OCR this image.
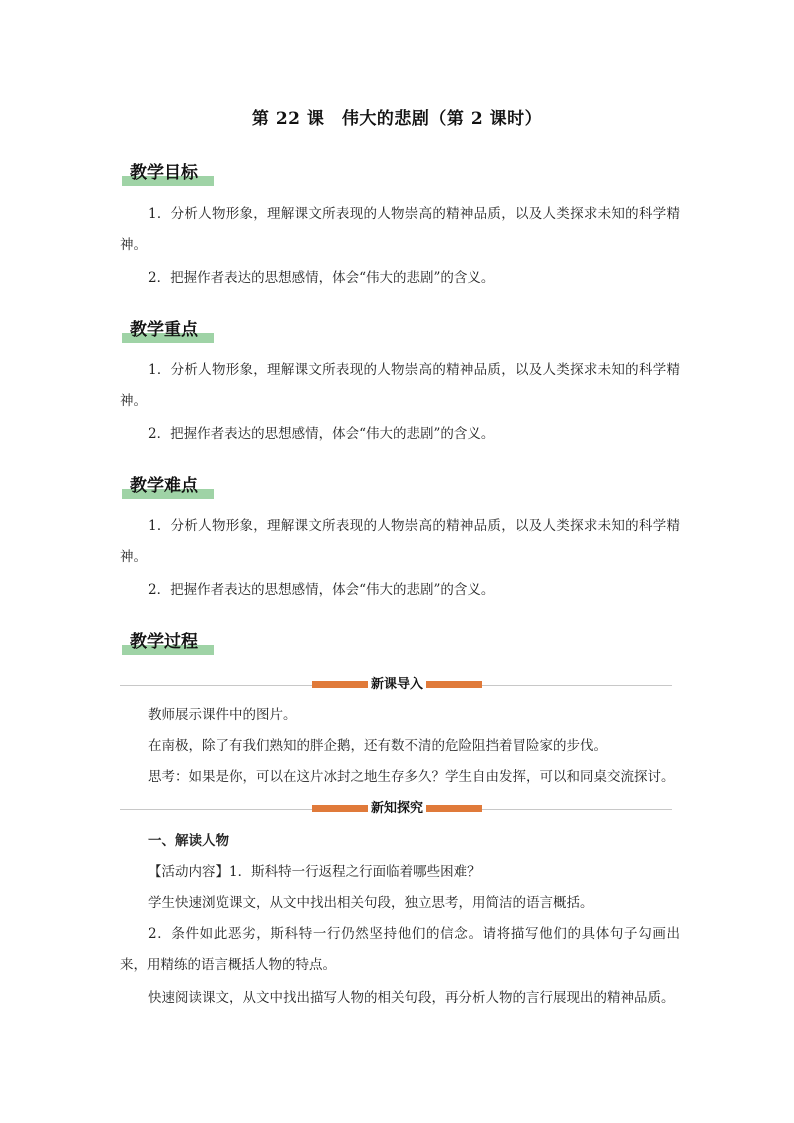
第 22 课　伟大的悲剧（第 2 课时）
教学目标
1．分析人物形象，理解课文所表现的人物崇高的精神品质，以及人类探求未知的科学精神。
2．把握作者表达的思想感情，体会“伟大的悲剧”的含义。
教学重点
1．分析人物形象，理解课文所表现的人物崇高的精神品质，以及人类探求未知的科学精神。
2．把握作者表达的思想感情，体会“伟大的悲剧”的含义。
教学难点
1．分析人物形象，理解课文所表现的人物崇高的精神品质，以及人类探求未知的科学精神。
2．把握作者表达的思想感情，体会“伟大的悲剧”的含义。
教学过程
新课导入
教师展示课件中的图片。
在南极，除了有我们熟知的胖企鹅，还有数不清的危险阻挡着冒险家的步伐。
思考：如果是你，可以在这片冰封之地生存多久？学生自由发挥，可以和同桌交流探讨。
新知探究
一、解读人物
【活动内容】1．斯科特一行返程之行面临着哪些困难？
学生快速浏览课文，从文中找出相关句段，独立思考，用简洁的语言概括。
2．条件如此恶劣，斯科特一行仍然坚持他们的信念。请将描写他们的具体句子勾画出来，用精练的语言概括人物的特点。
快速阅读课文，从文中找出描写人物的相关句段，再分析人物的言行展现出的精神品质。
